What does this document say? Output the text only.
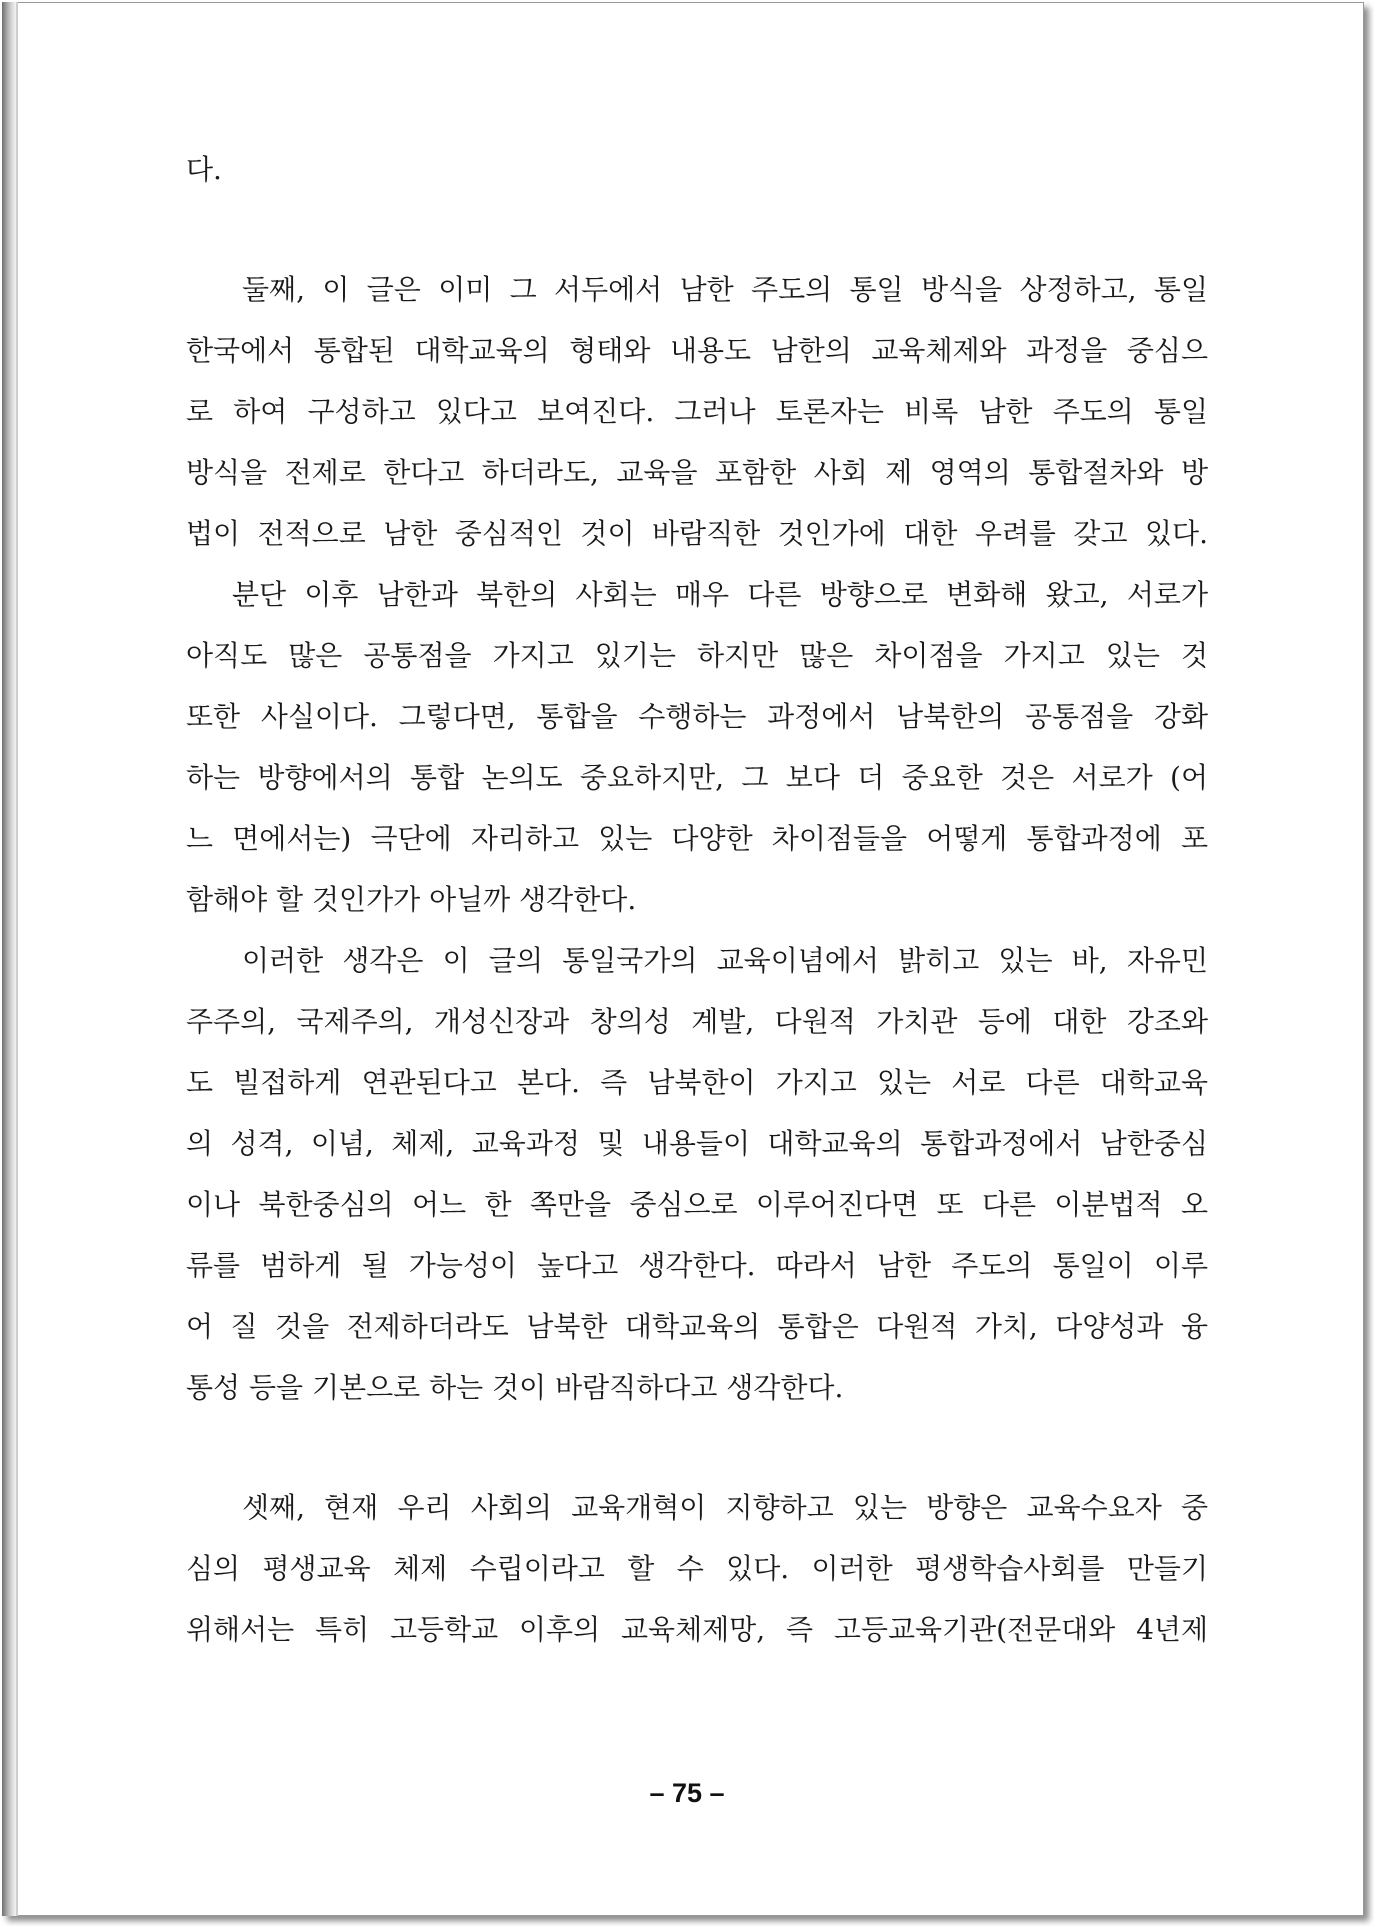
다.
둘째, 이 글은 이미 그 서두에서 남한 주도의 통일 방식을 상정하고, 통일
한국에서 통합된 대학교육의 형태와 내용도 남한의 교육체제와 과정을 중심으
로 하여 구성하고 있다고 보여진다. 그러나 토론자는 비록 남한 주도의 통일
방식을 전제로 한다고 하더라도, 교육을 포함한 사회 제 영역의 통합절차와 방
법이 전적으로 남한 중심적인 것이 바람직한 것인가에 대한 우려를 갖고 있다.
분단 이후 남한과 북한의 사회는 매우 다른 방향으로 변화해 왔고, 서로가
아직도 많은 공통점을 가지고 있기는 하지만 많은 차이점을 가지고 있는 것
또한 사실이다. 그렇다면, 통합을 수행하는 과정에서 남북한의 공통점을 강화
하는 방향에서의 통합 논의도 중요하지만, 그 보다 더 중요한 것은 서로가 (어
느 면에서는) 극단에 자리하고 있는 다양한 차이점들을 어떻게 통합과정에 포
함해야 할 것인가가 아닐까 생각한다.
이러한 생각은 이 글의 통일국가의 교육이념에서 밝히고 있는 바, 자유민
주주의, 국제주의, 개성신장과 창의성 계발, 다원적 가치관 등에 대한 강조와
도 빌접하게 연관된다고 본다. 즉 남북한이 가지고 있는 서로 다른 대학교육
의 성격, 이념, 체제, 교육과정 및 내용들이 대학교육의 통합과정에서 남한중심
이나 북한중심의 어느 한 쪽만을 중심으로 이루어진다면 또 다른 이분법적 오
류를 범하게 될 가능성이 높다고 생각한다. 따라서 남한 주도의 통일이 이루
어 질 것을 전제하더라도 남북한 대학교육의 통합은 다원적 가치, 다양성과 융
통성 등을 기본으로 하는 것이 바람직하다고 생각한다.
셋째, 현재 우리 사회의 교육개혁이 지향하고 있는 방향은 교육수요자 중
심의 평생교육 체제 수립이라고 할 수 있다. 이러한 평생학습사회를 만들기
위해서는 특히 고등학교 이후의 교육체제망, 즉 고등교육기관(전문대와 4년제
– 75 –
